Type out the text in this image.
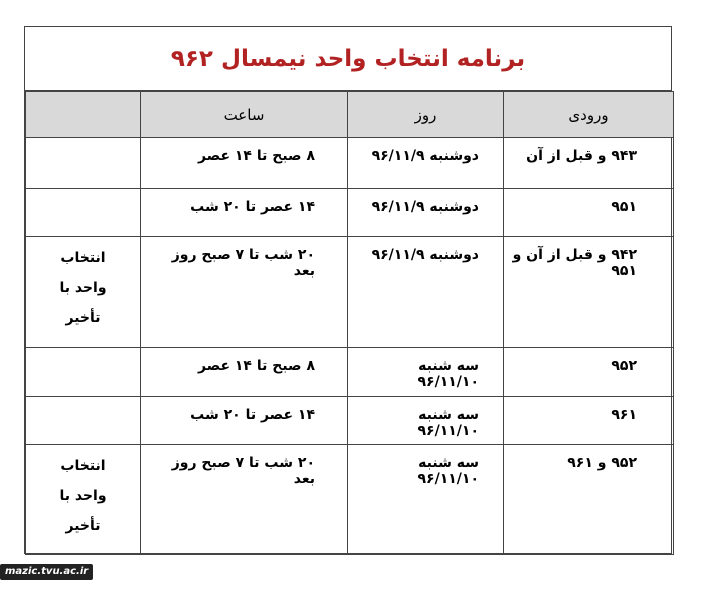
برنامه انتخاب واحد نیمسال ۹۶۲
ورودی	روز	ساعت	
۹۴۳ و قبل از آن	دوشنبه ۹۶/۱۱/۹	۸ صبح تا ۱۴ عصر	

۹۵۱	دوشنبه ۹۶/۱۱/۹	۱۴ عصر تا ۲۰ شب	

۹۴۲ و قبل از آن و ۹۵۱	دوشنبه ۹۶/۱۱/۹	۲۰ شب تا ۷ صبح روز بعد	انتخاب
واحد با
تأخیر

۹۵۲	سه شنبه ۹۶/۱۱/۱۰	۸ صبح تا ۱۴ عصر	

۹۶۱	سه شنبه ۹۶/۱۱/۱۰	۱۴ عصر تا ۲۰ شب	

۹۵۲ و ۹۶۱	سه شنبه ۹۶/۱۱/۱۰	۲۰ شب تا ۷ صبح روز بعد	انتخاب
واحد با
تأخیر
mazic.tvu.ac.ir
